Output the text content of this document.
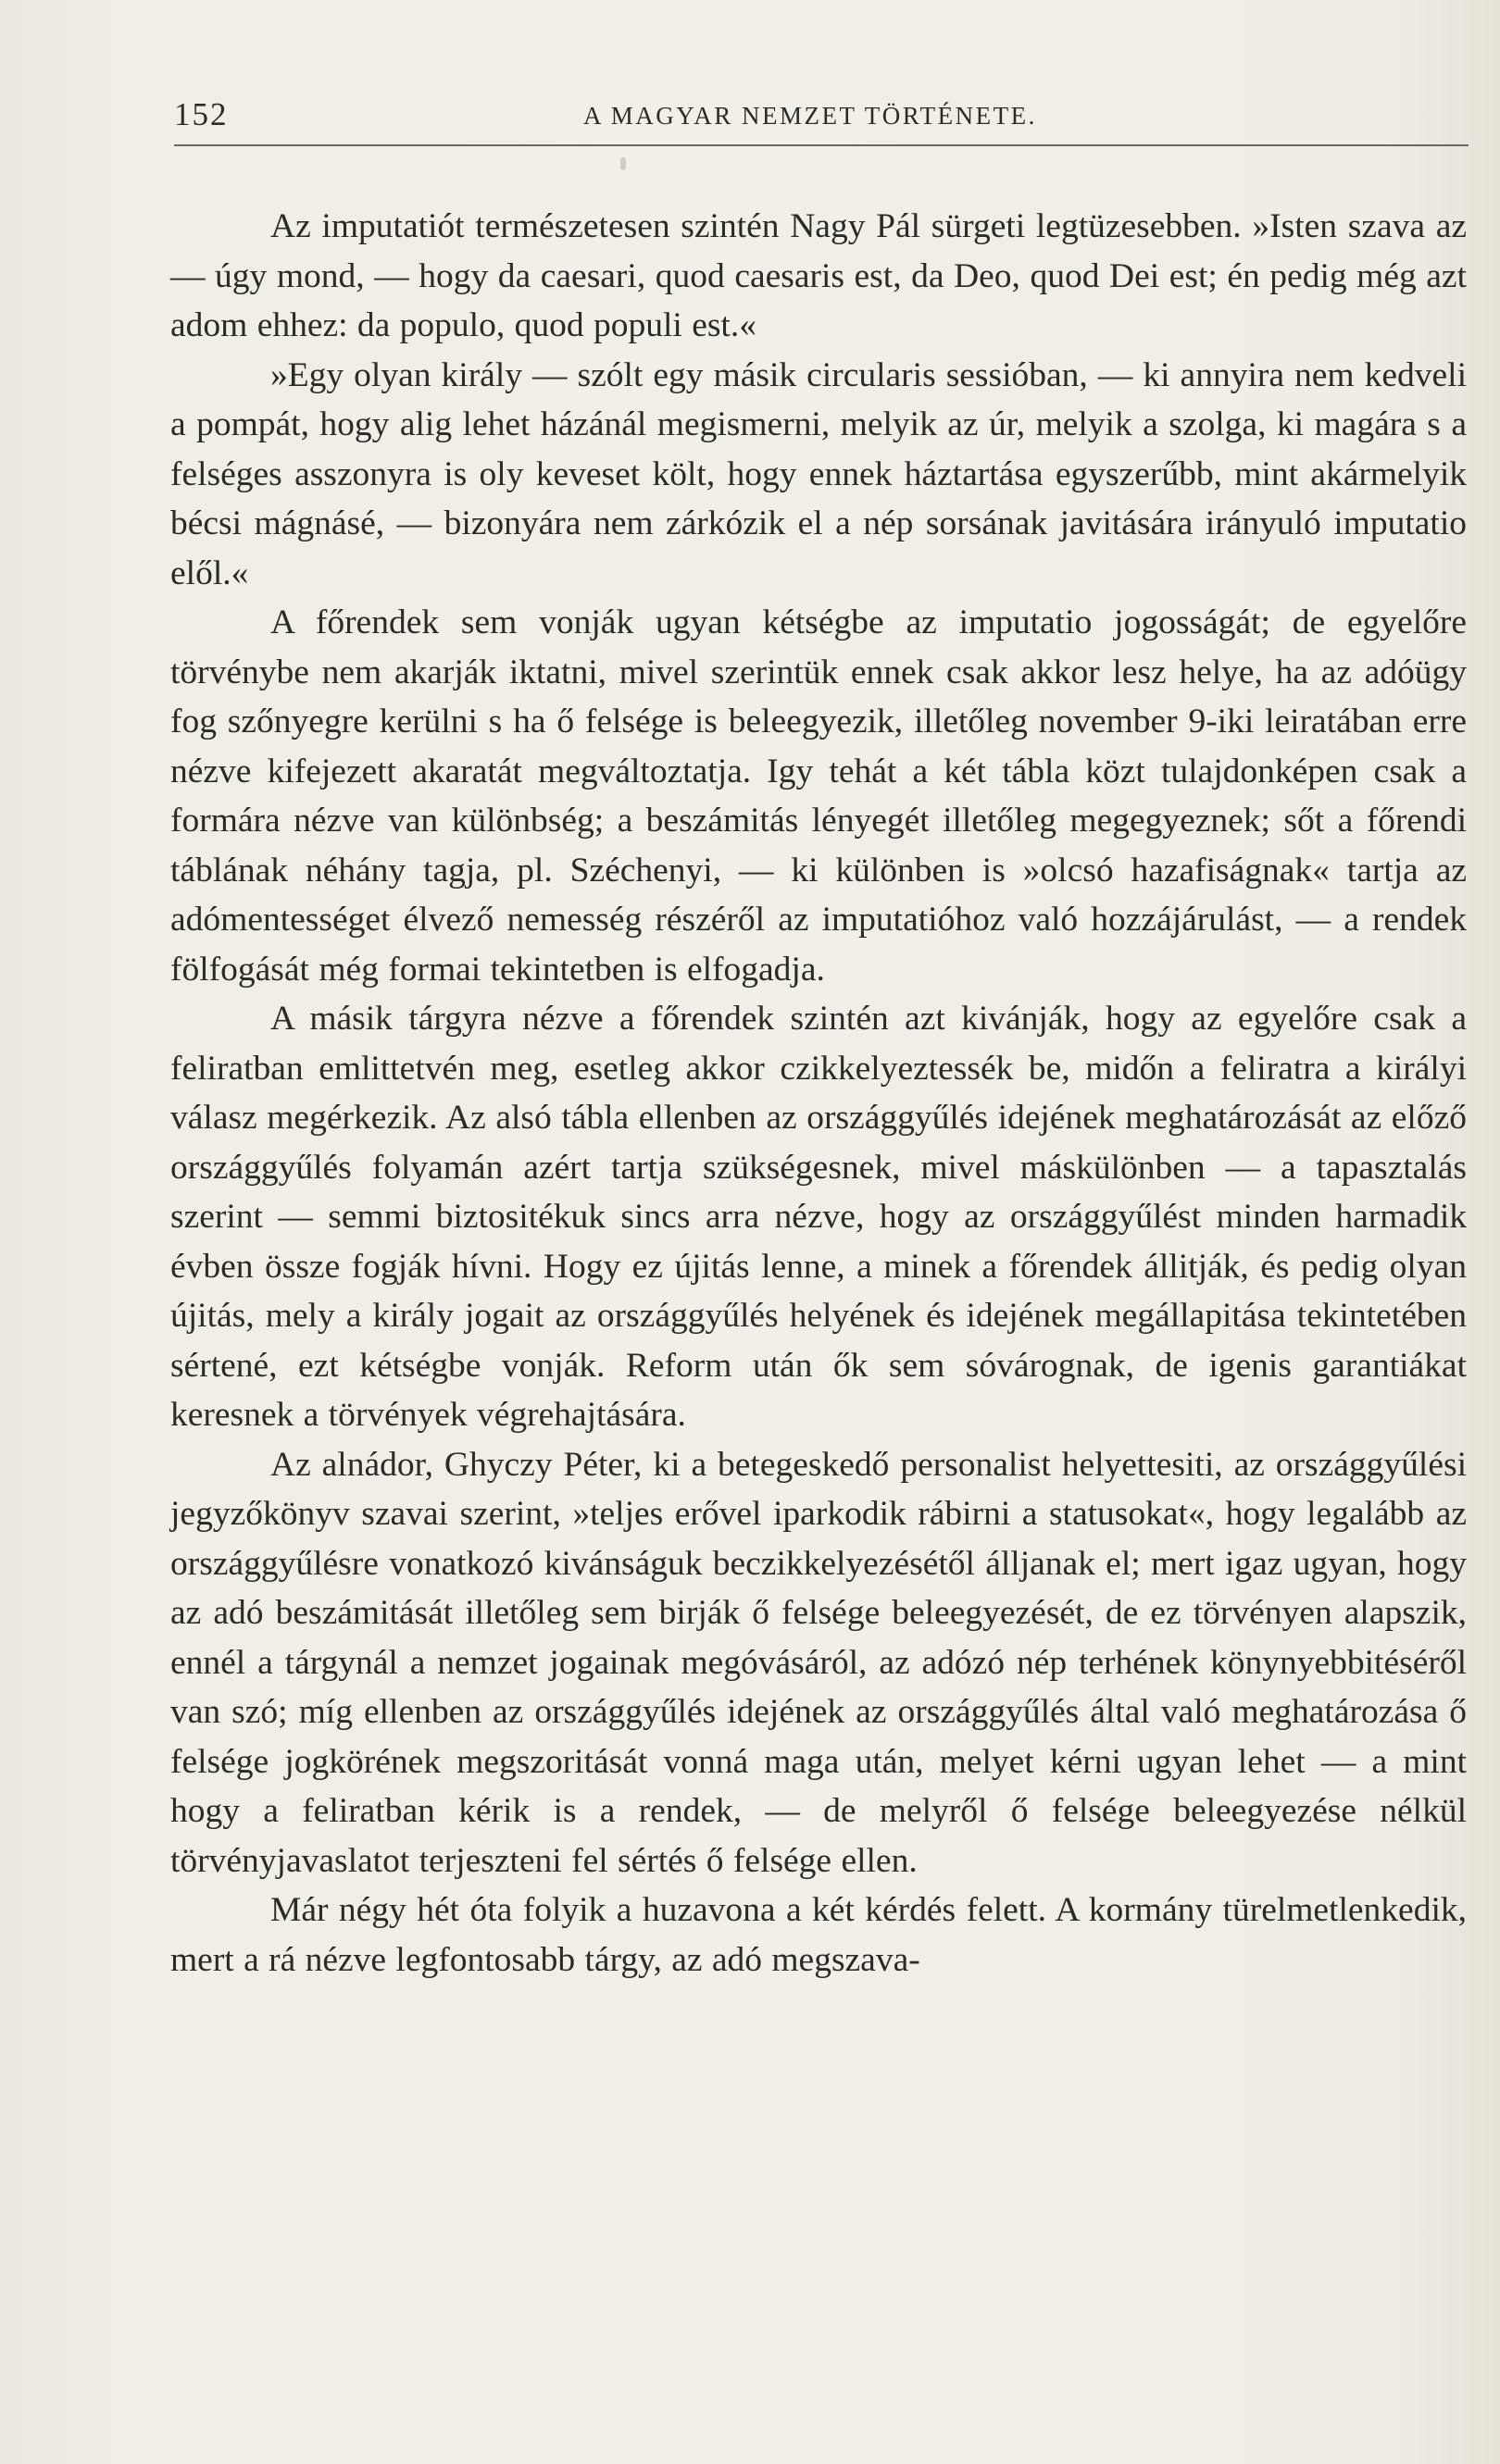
152	A MAGYAR NEMZET TÖRTÉNETE.

Az imputatiót természetesen szintén Nagy Pál sürgeti legtüzesebben. »Isten szava az — úgy mond, — hogy da caesari, quod caesaris est, da Deo, quod Dei est; én pedig még azt adom ehhez: da populo, quod populi est.«

»Egy olyan király — szólt egy másik circularis sessióban, — ki annyira nem kedveli a pompát, hogy alig lehet házánál megismerni, melyik az úr, melyik a szolga, ki magára s a felséges asszonyra is oly keveset költ, hogy ennek háztartása egyszerűbb, mint akármelyik bécsi mágnásé, — bizonyára nem zárkózik el a nép sorsának javitására irányuló imputatio elől.«

A főrendek sem vonják ugyan kétségbe az imputatio jogosságát; de egyelőre törvénybe nem akarják iktatni, mivel szerintük ennek csak akkor lesz helye, ha az adóügy fog szőnyegre kerülni s ha ő felsége is beleegyezik, illetőleg november 9-iki leiratában erre nézve kifejezett akaratát megváltoztatja. Igy tehát a két tábla közt tulajdonképen csak a formára nézve van különbség; a beszámitás lényegét illetőleg megegyeznek; sőt a főrendi táblának néhány tagja, pl. Széchenyi, — ki különben is »olcsó hazafiságnak« tartja az adómentességet élvező nemesség részéről az imputatióhoz való hozzájárulást, — a rendek fölfogását még formai tekintetben is elfogadja.

A másik tárgyra nézve a főrendek szintén azt kivánják, hogy az egyelőre csak a feliratban emlittetvén meg, esetleg akkor czikkelyeztessék be, midőn a feliratra a királyi válasz megérkezik. Az alsó tábla ellenben az országgyűlés idejének meghatározását az előző országgyűlés folyamán azért tartja szükségesnek, mivel máskülönben — a tapasztalás szerint — semmi biztositékuk sincs arra nézve, hogy az országgyűlést minden harmadik évben össze fogják hívni. Hogy ez újitás lenne, a minek a főrendek állitják, és pedig olyan újitás, mely a király jogait az országgyűlés helyének és idejének megállapitása tekintetében sértené, ezt kétségbe vonják. Reform után ők sem sóvárognak, de igenis garantiákat keresnek a törvények végrehajtására.

Az alnádor, Ghyczy Péter, ki a betegeskedő personalist helyettesiti, az országgyűlési jegyzőkönyv szavai szerint, »teljes erővel iparkodik rábirni a statusokat«, hogy legalább az országgyűlésre vonatkozó kivánságuk beczikkelyezésétől álljanak el; mert igaz ugyan, hogy az adó beszámitását illetőleg sem birják ő felsége beleegyezését, de ez törvényen alapszik, ennél a tárgynál a nemzet jogainak megóvásáról, az adózó nép terhének könynyebbitéséről van szó; míg ellenben az országgyűlés idejének az országgyűlés által való meghatározása ő felsége jogkörének megszoritását vonná maga után, melyet kérni ugyan lehet — a mint hogy a feliratban kérik is a rendek, — de melyről ő felsége beleegyezése nélkül törvényjavaslatot terjeszteni fel sértés ő felsége ellen.

Már négy hét óta folyik a huzavona a két kérdés felett. A kormány türelmetlenkedik, mert a rá nézve legfontosabb tárgy, az adó megszava-
